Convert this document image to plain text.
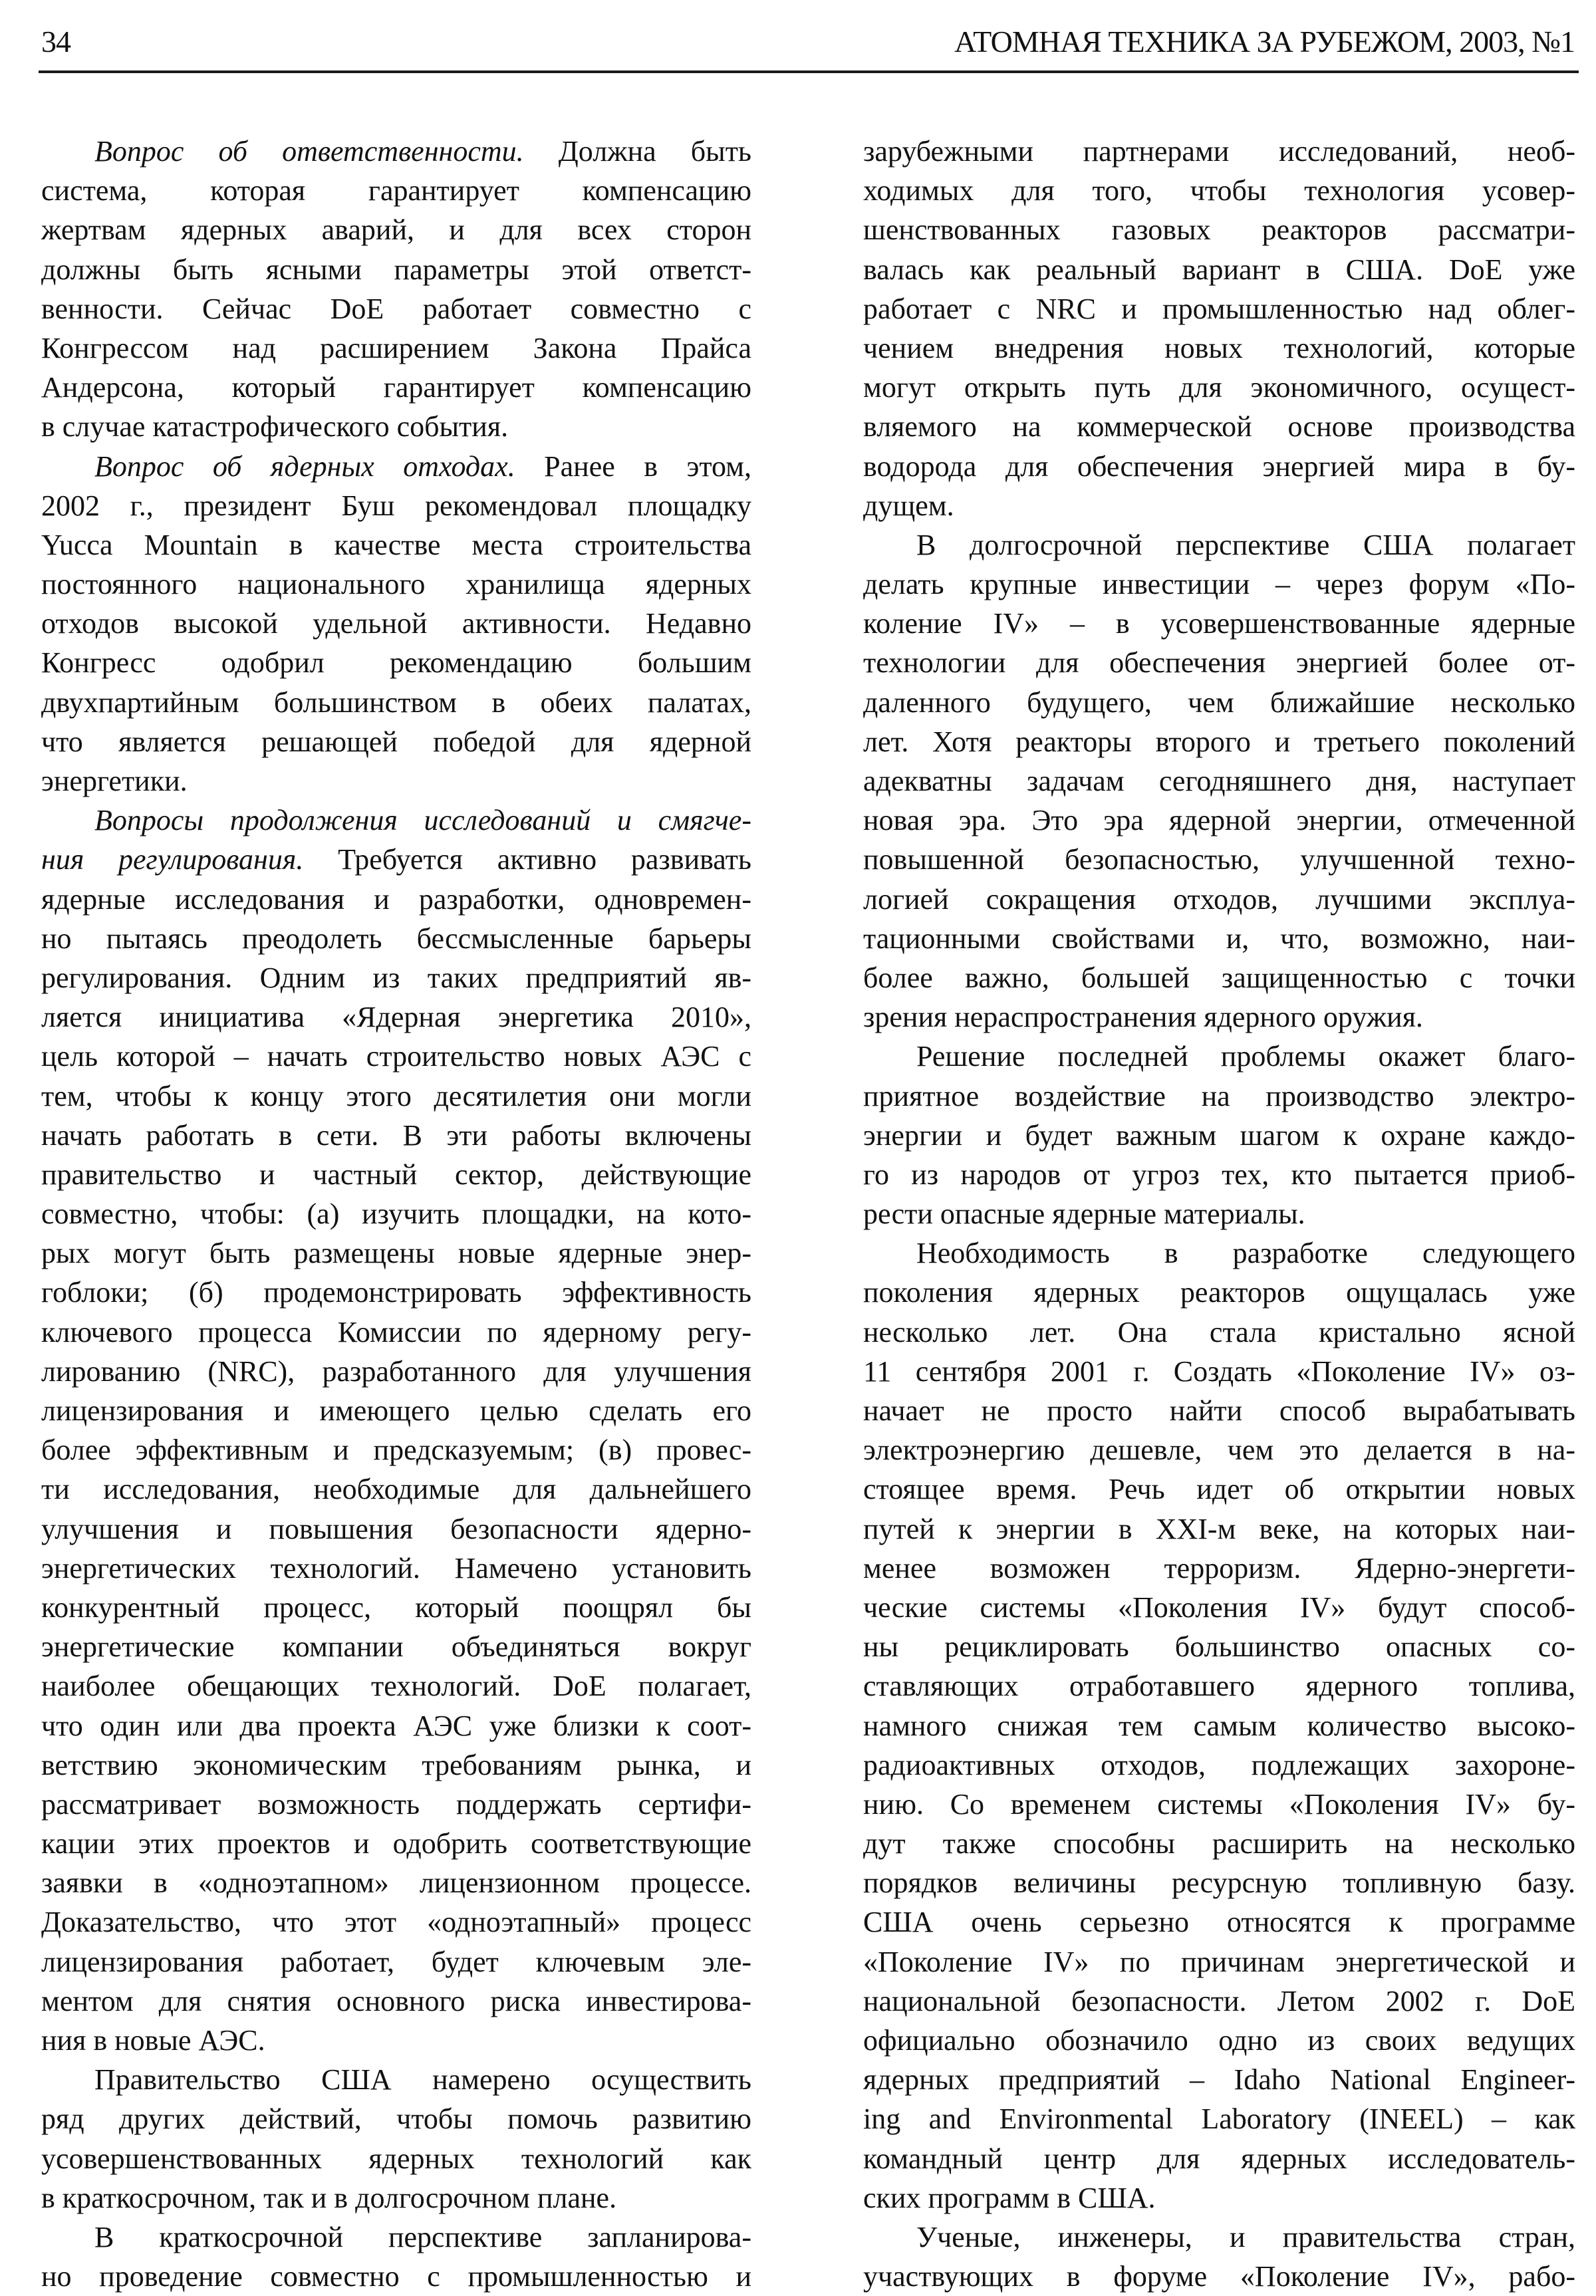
34	АТОМНАЯ ТЕХНИКА ЗА РУБЕЖОМ, 2003, №1
Вопрос об ответственности. Должна быть
система, которая гарантирует компенсацию
жертвам ядерных аварий, и для всех сторон
должны быть ясными параметры этой ответст-
венности. Сейчас DoE работает совместно с
Конгрессом над расширением Закона Прайса
Андерсона, который гарантирует компенсацию
в случае катастрофического события.
Вопрос об ядерных отходах. Ранее в этом,
2002 г., президент Буш рекомендовал площадку
Yucca Mountain в качестве места строительства
постоянного национального хранилища ядерных
отходов высокой удельной активности. Недавно
Конгресс одобрил рекомендацию большим
двухпартийным большинством в обеих палатах,
что является решающей победой для ядерной
энергетики.
Вопросы продолжения исследований и смягче-
ния регулирования. Требуется активно развивать
ядерные исследования и разработки, одновремен-
но пытаясь преодолеть бессмысленные барьеры
регулирования. Одним из таких предприятий яв-
ляется инициатива «Ядерная энергетика 2010»,
цель которой – начать строительство новых АЭС с
тем, чтобы к концу этого десятилетия они могли
начать работать в сети. В эти работы включены
правительство и частный сектор, действующие
совместно, чтобы: (а) изучить площадки, на кото-
рых могут быть размещены новые ядерные энер-
гоблоки; (б) продемонстрировать эффективность
ключевого процесса Комиссии по ядерному регу-
лированию (NRC), разработанного для улучшения
лицензирования и имеющего целью сделать его
более эффективным и предсказуемым; (в) провес-
ти исследования, необходимые для дальнейшего
улучшения и повышения безопасности ядерно-
энергетических технологий. Намечено установить
конкурентный процесс, который поощрял бы
энергетические компании объединяться вокруг
наиболее обещающих технологий. DoE полагает,
что один или два проекта АЭС уже близки к соот-
ветствию экономическим требованиям рынка, и
рассматривает возможность поддержать сертифи-
кации этих проектов и одобрить соответствующие
заявки в «одноэтапном» лицензионном процессе.
Доказательство, что этот «одноэтапный» процесс
лицензирования работает, будет ключевым эле-
ментом для снятия основного риска инвестирова-
ния в новые АЭС.
Правительство США намерено осуществить
ряд других действий, чтобы помочь развитию
усовершенствованных ядерных технологий как
в краткосрочном, так и в долгосрочном плане.
В краткосрочной перспективе запланирова-
но проведение совместно с промышленностью и
зарубежными партнерами исследований, необ-
ходимых для того, чтобы технология усовер-
шенствованных газовых реакторов рассматри-
валась как реальный вариант в США. DoE уже
работает с NRC и промышленностью над облег-
чением внедрения новых технологий, которые
могут открыть путь для экономичного, осущест-
вляемого на коммерческой основе производства
водорода для обеспечения энергией мира в бу-
дущем.
В долгосрочной перспективе США полагает
делать крупные инвестиции – через форум «По-
коление IV» – в усовершенствованные ядерные
технологии для обеспечения энергией более от-
даленного будущего, чем ближайшие несколько
лет. Хотя реакторы второго и третьего поколений
адекватны задачам сегодняшнего дня, наступает
новая эра. Это эра ядерной энергии, отмеченной
повышенной безопасностью, улучшенной техно-
логией сокращения отходов, лучшими эксплуа-
тационными свойствами и, что, возможно, наи-
более важно, большей защищенностью с точки
зрения нераспространения ядерного оружия.
Решение последней проблемы окажет благо-
приятное воздействие на производство электро-
энергии и будет важным шагом к охране каждо-
го из народов от угроз тех, кто пытается приоб-
рести опасные ядерные материалы.
Необходимость в разработке следующего
поколения ядерных реакторов ощущалась уже
несколько лет. Она стала кристально ясной
11 сентября 2001 г. Создать «Поколение IV» оз-
начает не просто найти способ вырабатывать
электроэнергию дешевле, чем это делается в на-
стоящее время. Речь идет об открытии новых
путей к энергии в XXI-м веке, на которых наи-
менее возможен терроризм. Ядерно-энергети-
ческие системы «Поколения IV» будут способ-
ны рециклировать большинство опасных со-
ставляющих отработавшего ядерного топлива,
намного снижая тем самым количество высоко-
радиоактивных отходов, подлежащих захороне-
нию. Со временем системы «Поколения IV» бу-
дут также способны расширить на несколько
порядков величины ресурсную топливную базу.
США очень серьезно относятся к программе
«Поколение IV» по причинам энергетической и
национальной безопасности. Летом 2002 г. DoE
официально обозначило одно из своих ведущих
ядерных предприятий – Idaho National Engineer-
ing and Environmental Laboratory (INEEL) – как
командный центр для ядерных исследователь-
ских программ в США.
Ученые, инженеры, и правительства стран,
участвующих в форуме «Поколение IV», рабо-
